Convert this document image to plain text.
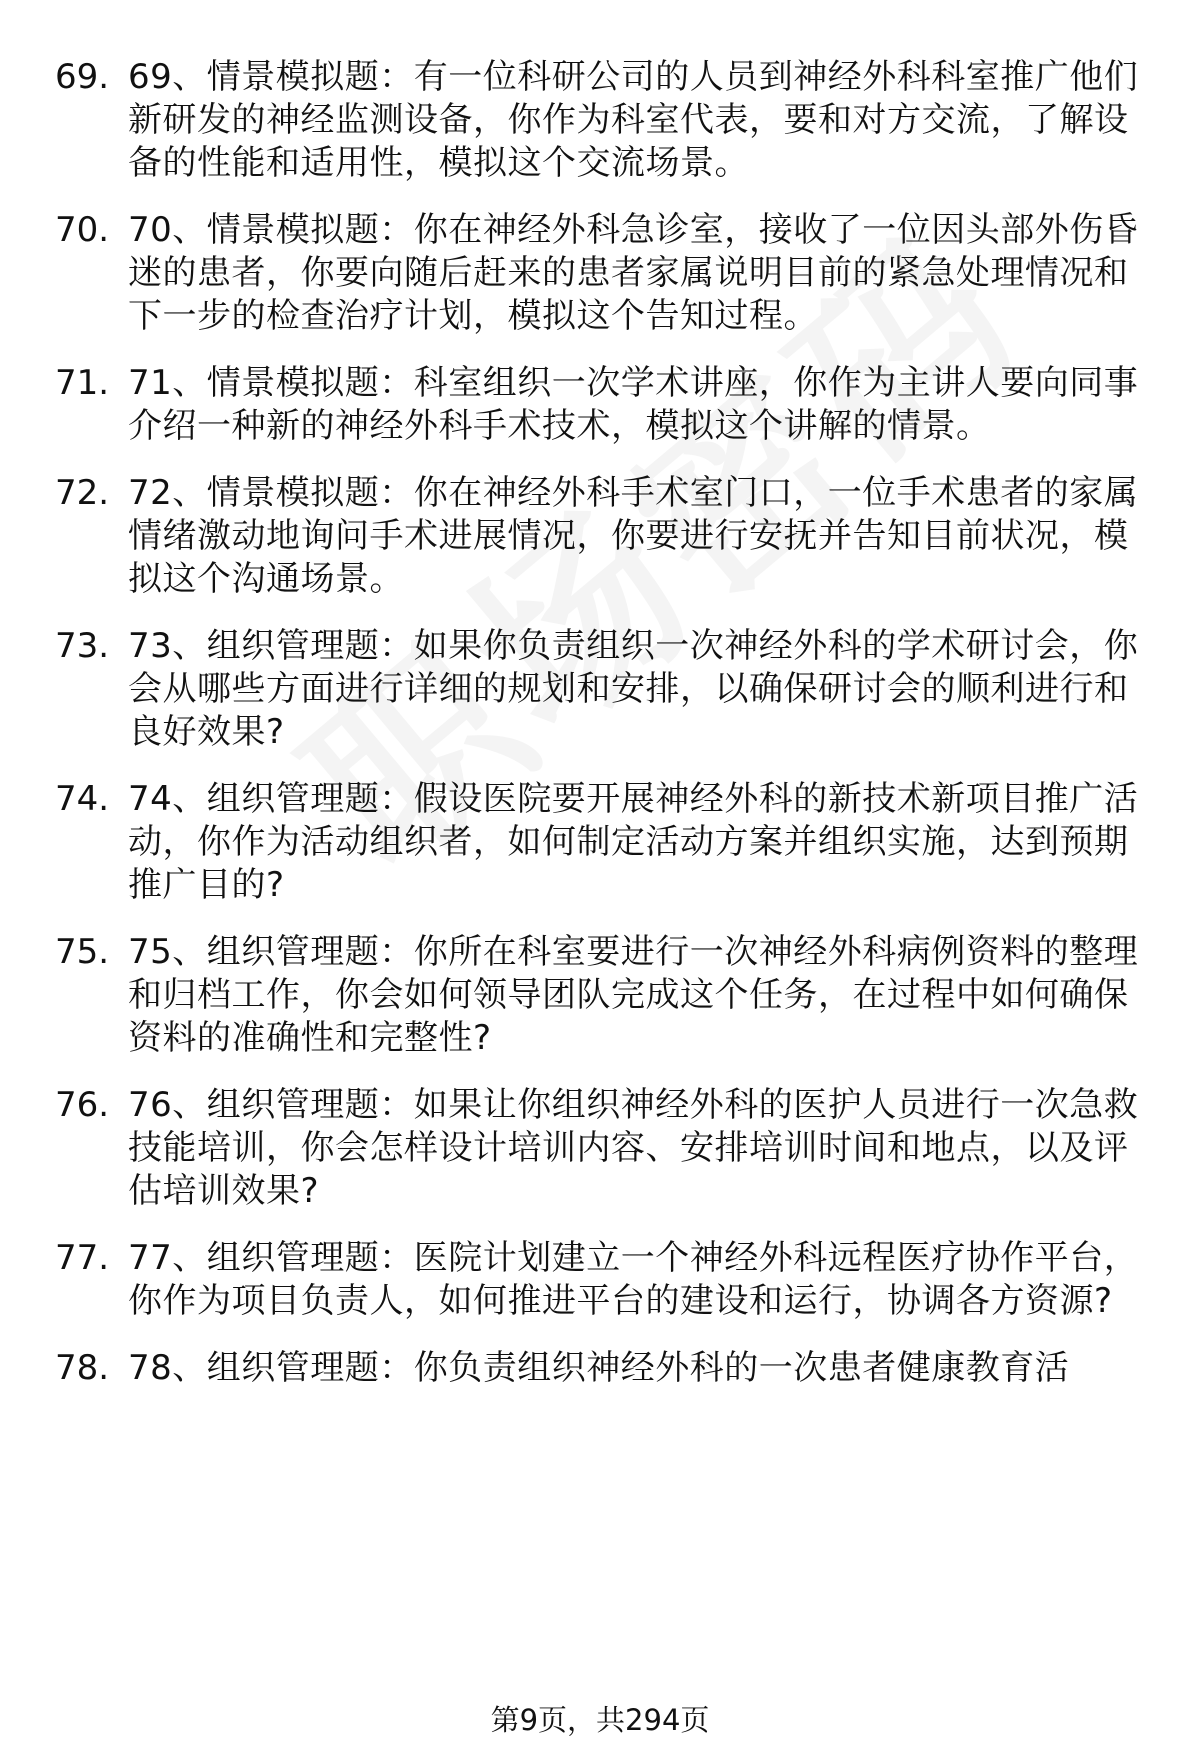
69. 69、情景模拟题：有一位科研公司的人员到神经外科科室推广他们新研发的神经监测设备，你作为科室代表，要和对方交流，了解设备的性能和适用性，模拟这个交流场景。
70. 70、情景模拟题：你在神经外科急诊室，接收了一位因头部外伤昏迷的患者，你要向随后赶来的患者家属说明目前的紧急处理情况和下一步的检查治疗计划，模拟这个告知过程。
71. 71、情景模拟题：科室组织一次学术讲座，你作为主讲人要向同事介绍一种新的神经外科手术技术，模拟这个讲解的情景。
72. 72、情景模拟题：你在神经外科手术室门口，一位手术患者的家属情绪激动地询问手术进展情况，你要进行安抚并告知目前状况，模拟这个沟通场景。
73. 73、组织管理题：如果你负责组织一次神经外科的学术研讨会，你会从哪些方面进行详细的规划和安排，以确保研讨会的顺利进行和良好效果?
74. 74、组织管理题：假设医院要开展神经外科的新技术新项目推广活动，你作为活动组织者，如何制定活动方案并组织实施，达到预期推广目的?
75. 75、组织管理题：你所在科室要进行一次神经外科病例资料的整理和归档工作，你会如何领导团队完成这个任务，在过程中如何确保资料的准确性和完整性?
76. 76、组织管理题：如果让你组织神经外科的医护人员进行一次急救技能培训，你会怎样设计培训内容、安排培训时间和地点，以及评估培训效果?
77. 77、组织管理题：医院计划建立一个神经外科远程医疗协作平台，你作为项目负责人，如何推进平台的建设和运行，协调各方资源?
78. 78、组织管理题：你负责组织神经外科的一次患者健康教育活
第9页，共294页
